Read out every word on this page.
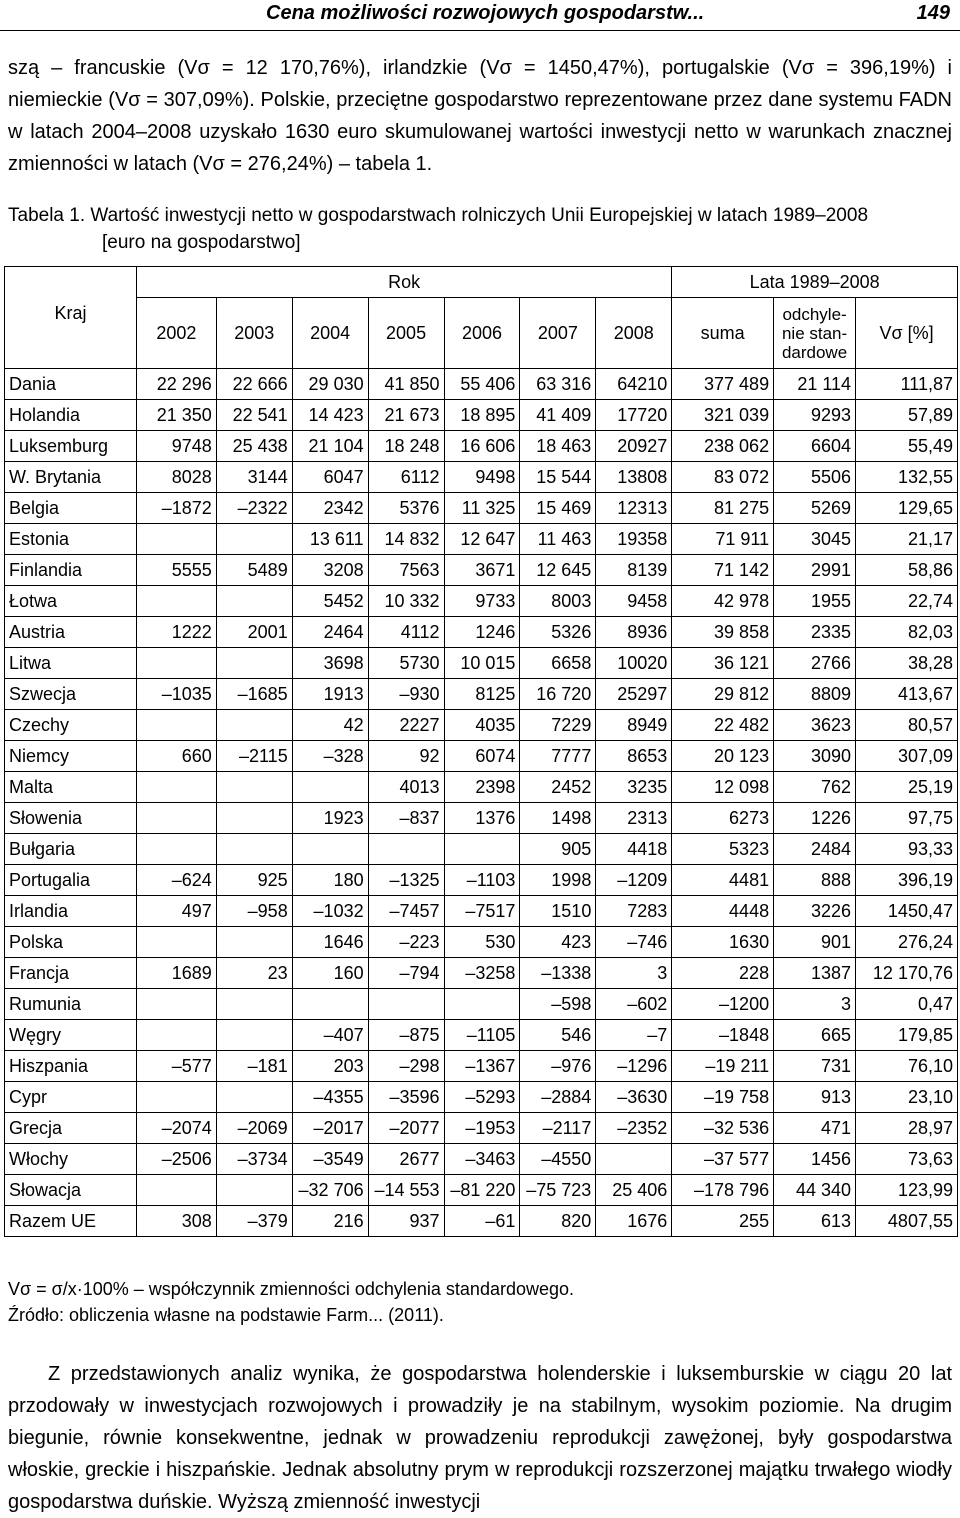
Cena możliwości rozwojowych gospodarstw...	149
szą – francuskie (Vσ = 12 170,76%), irlandzkie (Vσ = 1450,47%), portugalskie (Vσ = 396,19%) i niemieckie (Vσ = 307,09%). Polskie, przeciętne gospodarstwo reprezentowane przez dane systemu FADN w latach 2004–2008 uzyskało 1630 euro skumulowanej wartości inwestycji netto w warunkach znacznej zmienności w latach (Vσ = 276,24%) – tabela 1.
Tabela 1. Wartość inwestycji netto w gospodarstwach rolniczych Unii Europejskiej w latach 1989–2008
[euro na gospodarstwo]
Kraj	Rok							Lata 1989–2008		
	2002	2003	2004	2005	2006	2007	2008	suma	odchyle-
nie stan-
dardowe	Vσ [%]
Dania	22 296	22 666	29 030	41 850	55 406	63 316	64210	377 489	21 114	111,87
Holandia	21 350	22 541	14 423	21 673	18 895	41 409	17720	321 039	9293	57,89
Luksemburg	9748	25 438	21 104	18 248	16 606	18 463	20927	238 062	6604	55,49
W. Brytania	8028	3144	6047	6112	9498	15 544	13808	83 072	5506	132,55
Belgia	–1872	–2322	2342	5376	11 325	15 469	12313	81 275	5269	129,65
Estonia			13 611	14 832	12 647	11 463	19358	71 911	3045	21,17
Finlandia	5555	5489	3208	7563	3671	12 645	8139	71 142	2991	58,86
Łotwa			5452	10 332	9733	8003	9458	42 978	1955	22,74
Austria	1222	2001	2464	4112	1246	5326	8936	39 858	2335	82,03
Litwa			3698	5730	10 015	6658	10020	36 121	2766	38,28
Szwecja	–1035	–1685	1913	–930	8125	16 720	25297	29 812	8809	413,67
Czechy			42	2227	4035	7229	8949	22 482	3623	80,57
Niemcy	660	–2115	–328	92	6074	7777	8653	20 123	3090	307,09
Malta				4013	2398	2452	3235	12 098	762	25,19
Słowenia			1923	–837	1376	1498	2313	6273	1226	97,75
Bułgaria						905	4418	5323	2484	93,33
Portugalia	–624	925	180	–1325	–1103	1998	–1209	4481	888	396,19
Irlandia	497	–958	–1032	–7457	–7517	1510	7283	4448	3226	1450,47
Polska			1646	–223	530	423	–746	1630	901	276,24
Francja	1689	23	160	–794	–3258	–1338	3	228	1387	12 170,76
Rumunia						–598	–602	–1200	3	0,47
Węgry			–407	–875	–1105	546	–7	–1848	665	179,85
Hiszpania	–577	–181	203	–298	–1367	–976	–1296	–19 211	731	76,10
Cypr			–4355	–3596	–5293	–2884	–3630	–19 758	913	23,10
Grecja	–2074	–2069	–2017	–2077	–1953	–2117	–2352	–32 536	471	28,97
Włochy	–2506	–3734	–3549	2677	–3463	–4550		–37 577	1456	73,63
Słowacja			–32 706	–14 553	–81 220	–75 723	25 406	–178 796	44 340	123,99
Razem UE	308	–379	216	937	–61	820	1676	255	613	4807,55
Vσ = σ/x·100% – współczynnik zmienności odchylenia standardowego.
Źródło: obliczenia własne na podstawie Farm... (2011).
Z przedstawionych analiz wynika, że gospodarstwa holenderskie i luksemburskie w ciągu 20 lat przodowały w inwestycjach rozwojowych i prowadziły je na stabilnym, wysokim poziomie. Na drugim biegunie, równie konsekwentne, jednak w prowadzeniu reprodukcji zawężonej, były gospodarstwa włoskie, greckie i hiszpańskie. Jednak absolutny prym w reprodukcji rozszerzonej majątku trwałego wiodły gospodarstwa duńskie. Wyższą zmienność inwestycji
